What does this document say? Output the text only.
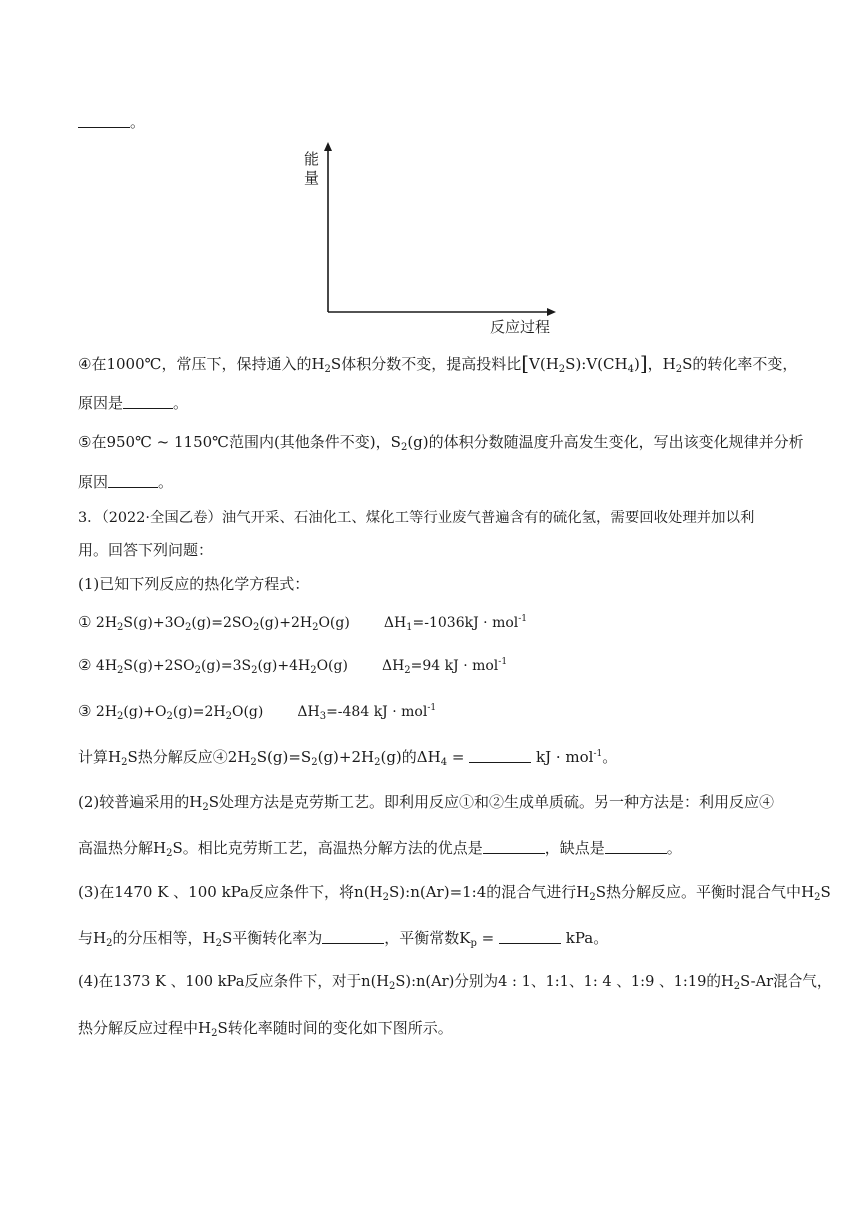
。
能
量
反应过程
④在1000℃，常压下，保持通入的$H_2S$体积分数不变，提高投料比$[V(H_2S):V(CH_4)]$，$H_2S$的转化率不变，
原因是	。
⑤在950℃ ~ 1150℃范围内(其他条件不变)，$S_2(g)$的体积分数随温度升高发生变化，写出该变化规律并分析
原因	。
3．（2022·全国乙卷）油气开采、石油化工、煤化工等行业废气普遍含有的硫化氢，需要回收处理并加以利
用。回答下列问题：
(1)已知下列反应的热化学方程式：
① $2H_2S(g)+3O_2(g)=2SO_2(g)+2H_2O(g) \Delta H_1=-1036kJ \cdot mol^{-1}$
② $4H_2S(g)+2SO_2(g)=3S_2(g)+4H_2O(g)$ $\Delta H_2=94$ kJ · mol$^{-1}$
③ $2H_2(g)+O_2(g)=2H_2O(g)$ $\Delta H_3=-484$ kJ · mol$^{-1}$
计算$H_2S$热分解反应$④2H_2S(g)=S_2(g)+2H_2(g)$的$\Delta H_4$ =	kJ · mol$^{-1}$。
(2)较普遍采用的$H_2S$处理方法是克劳斯工艺。即利用反应①和②生成单质硫。另一种方法是：利用反应④
高温热分解$H_2S$。相比克劳斯工艺，高温热分解方法的优点是	，缺点是	。
(3)在1470 K 、100 kPa反应条件下，将$n(H_2S):n(Ar)=1:4$的混合气进行$H_2S$热分解反应。平衡时混合气中$H_2S$
与$H_2$的分压相等，$H_2S$平衡转化率为	，平衡常数$K_p$ =	kPa。
(4)在1373 K 、100 kPa反应条件下，对于$n(H_2S):n(Ar)$分别为4 : 1、1:1、1: 4 、1:9 、1:19的$H_2S-Ar$混合气，
热分解反应过程中$H_2S$转化率随时间的变化如下图所示。
